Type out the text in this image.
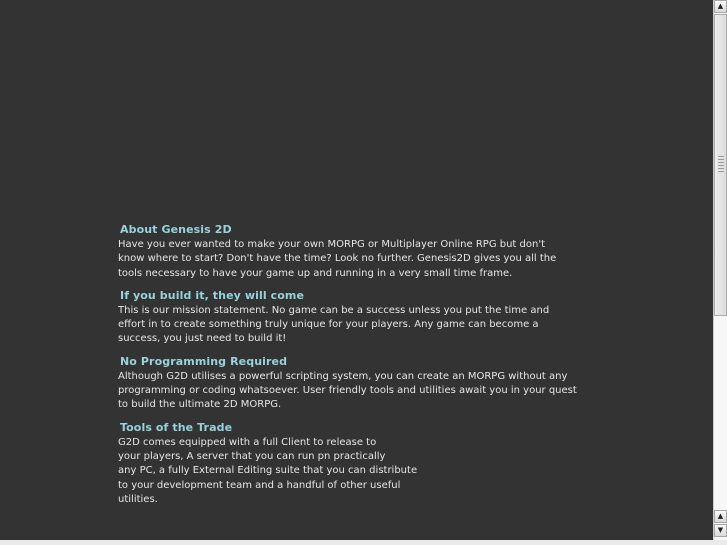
About Genesis 2D

Have you ever wanted to make your own MORPG or Multiplayer Online RPG but don't
know where to start? Don't have the time? Look no further. Genesis2D gives you all the
tools necessary to have your game up and running in a very small time frame.

If you build it, they will come

This is our mission statement. No game can be a success unless you put the time and
effort in to create something truly unique for your players. Any game can become a
success, you just need to build it!

No Programming Required

Although G2D utilises a powerful scripting system, you can create an MORPG without any
programming or coding whatsoever. User friendly tools and utilities await you in your quest
to build the ultimate 2D MORPG.

Tools of the Trade

G2D comes equipped with a full Client to release to
your players, A server that you can run pn practically
any PC, a fully External Editing suite that you can distribute
to your development team and a handful of other useful
utilities.

▲
▲
▼
